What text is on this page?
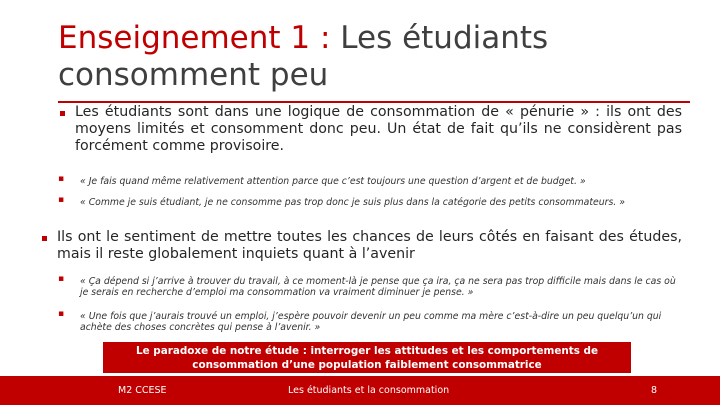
Enseignement 1 : Les étudiants consomment peu

Les étudiants sont dans une logique de consommation de « pénurie » : ils ont des moyens limités et consomment donc peu. Un état de fait qu’ils ne considèrent pas forcément comme provisoire.

▪ « Je fais quand même relativement attention parce que c’est toujours une question d’argent et de budget. »

▪ « Comme je suis étudiant, je ne consomme pas trop donc je suis plus dans la catégorie des petits consommateurs. »

Ils ont le sentiment de mettre toutes les chances de leurs côtés en faisant des études, mais il reste globalement inquiets quant à l’avenir

▪ « Ça dépend si j’arrive à trouver du travail, à ce moment-là je pense que ça ira, ça ne sera pas trop difficile mais dans le cas où je serais en recherche d’emploi ma consommation va vraiment diminuer je pense. »

▪ « Une fois que j’aurais trouvé un emploi, j’espère pouvoir devenir un peu comme ma mère c’est-à-dire un peu quelqu’un qui achète des choses concrètes qui pense à l’avenir. »

Le paradoxe de notre étude : interroger les attitudes et les comportements de consommation d’une population faiblement consommatrice
M2 CCESE	Les étudiants et la consommation	8
